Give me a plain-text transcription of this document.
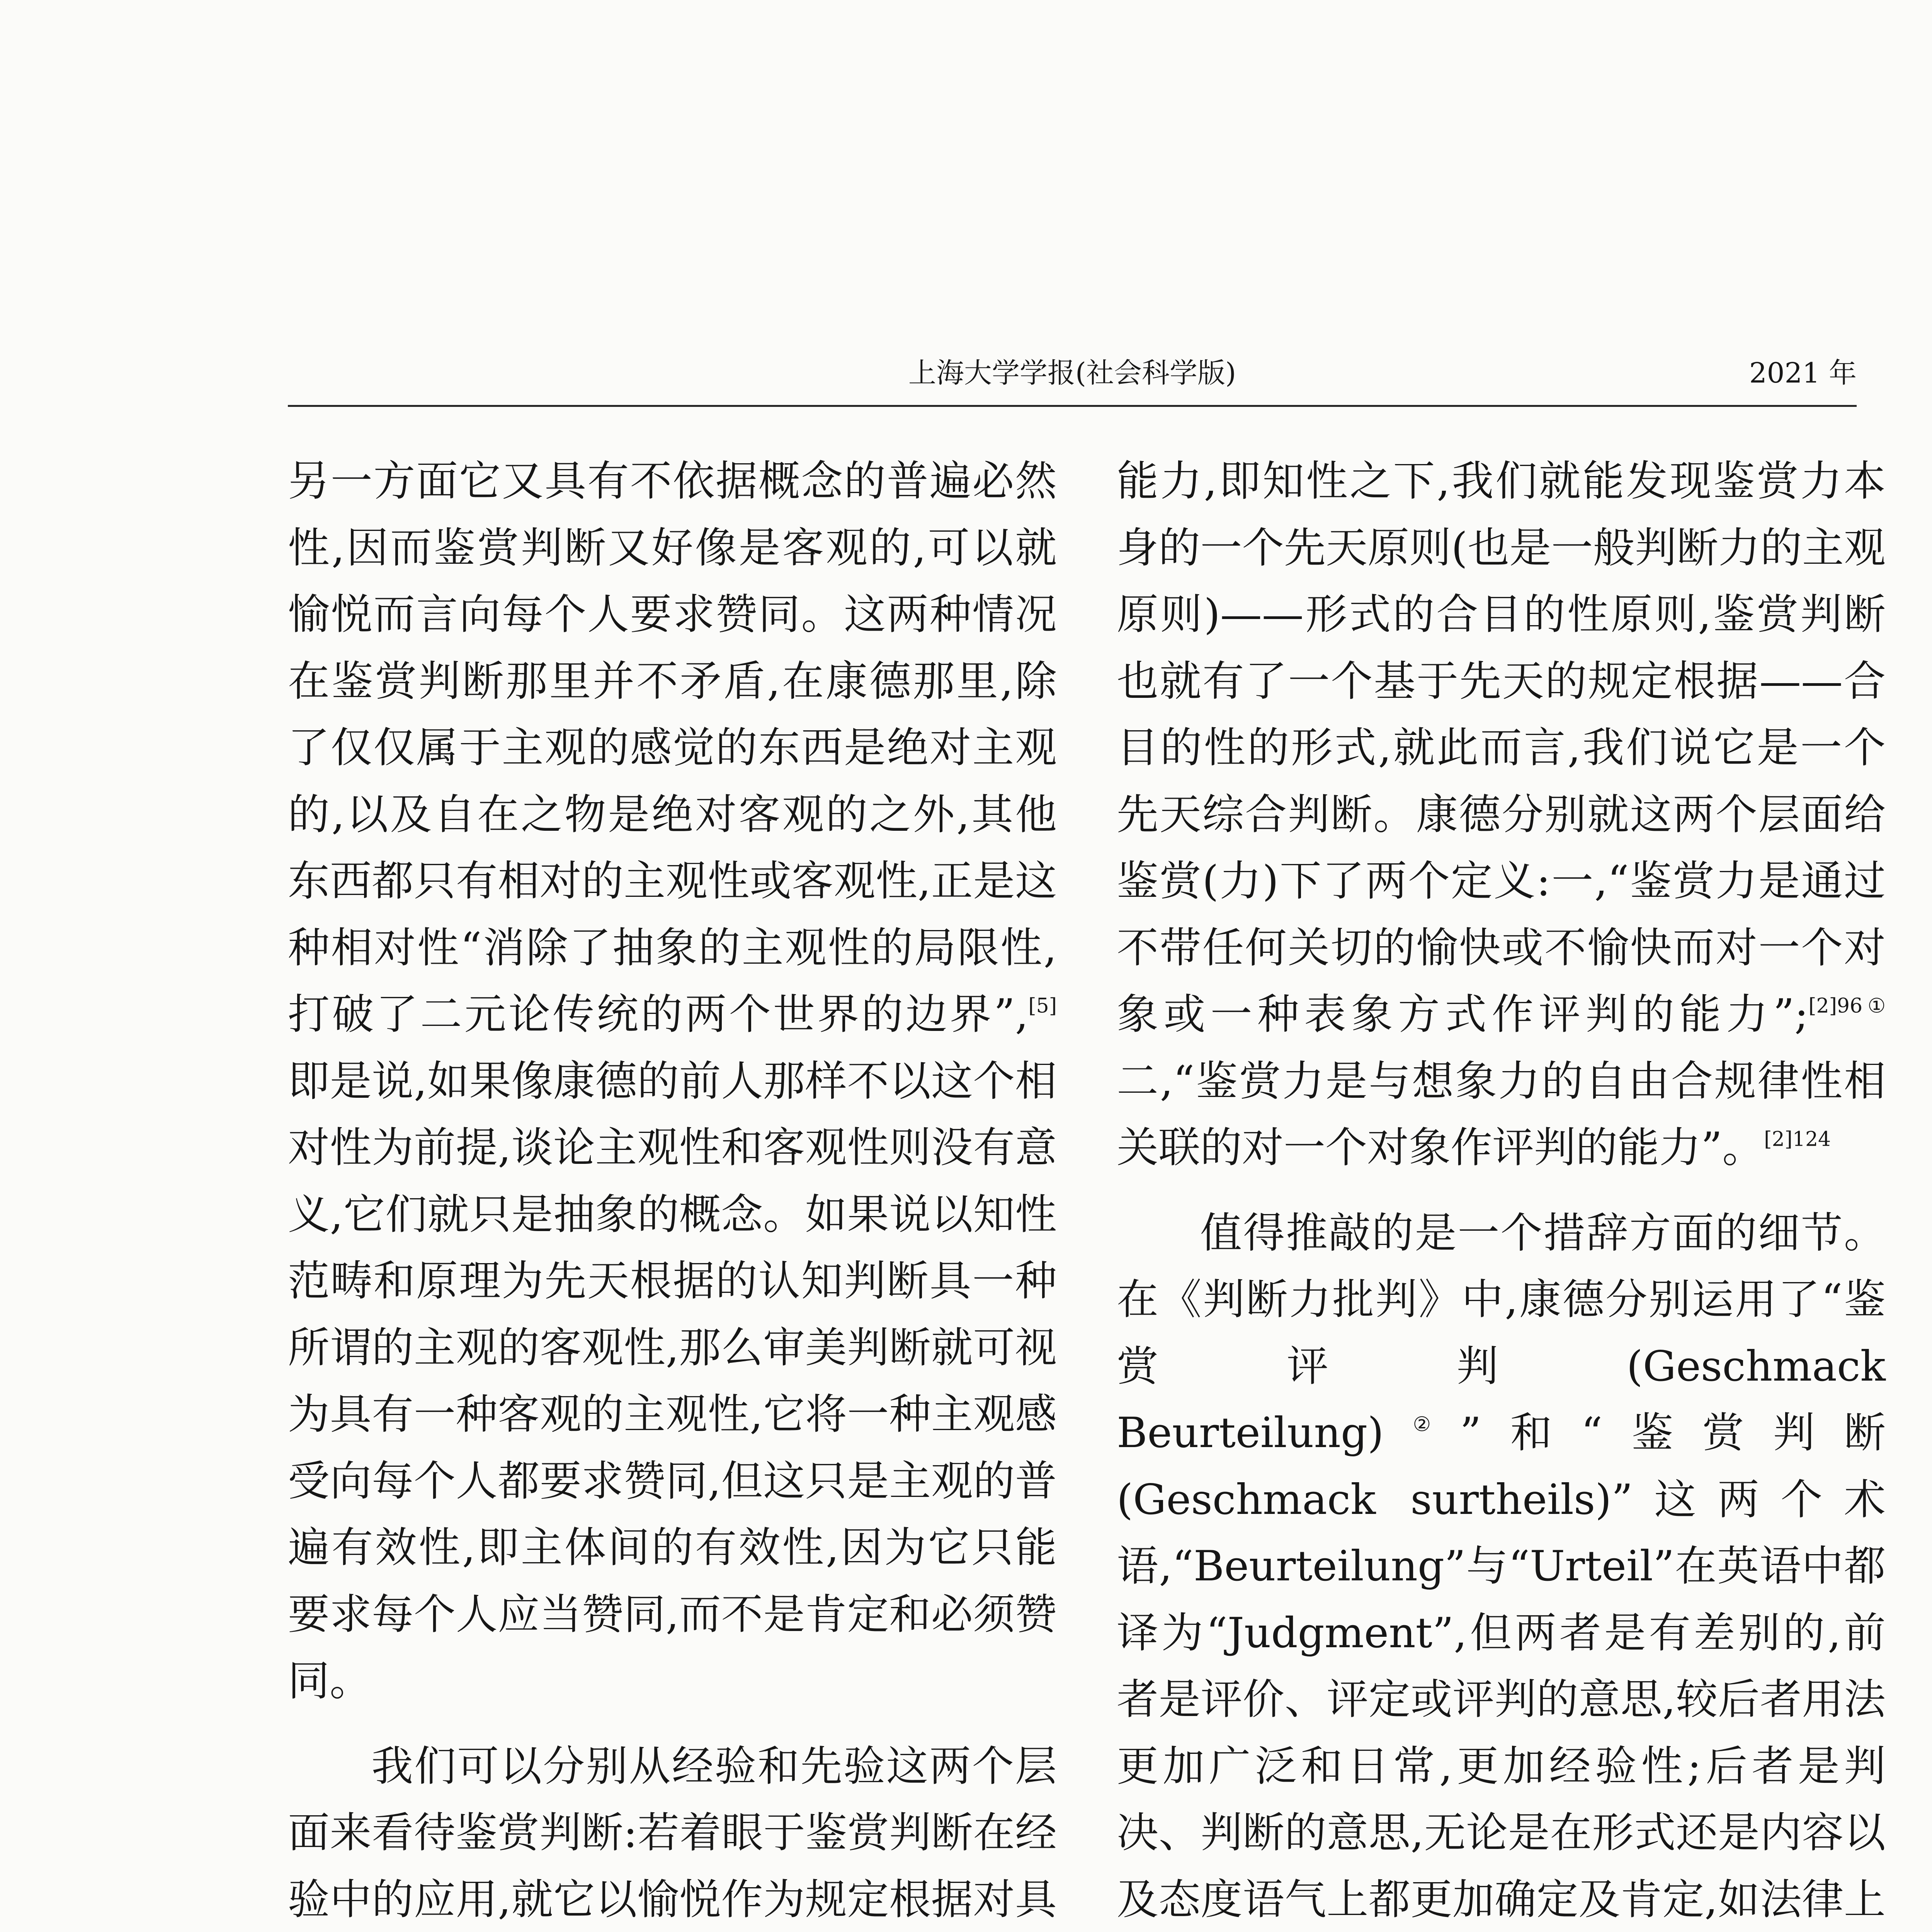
上海大学学报(社会科学版)	2021 年

另一方面它又具有不依据概念的普遍必然性,因而鉴赏判断又好像是客观的,可以就愉悦而言向每个人要求赞同。这两种情况在鉴赏判断那里并不矛盾,在康德那里,除了仅仅属于主观的感觉的东西是绝对主观的,以及自在之物是绝对客观的之外,其他东西都只有相对的主观性或客观性,正是这种相对性“消除了抽象的主观性的局限性,打破了二元论传统的两个世界的边界”,[5]即是说,如果像康德的前人那样不以这个相对性为前提,谈论主观性和客观性则没有意义,它们就只是抽象的概念。如果说以知性范畴和原理为先天根据的认知判断具一种所谓的主观的客观性,那么审美判断就可视为具有一种客观的主观性,它将一种主观感受向每个人都要求赞同,但这只是主观的普遍有效性,即主体间的有效性,因为它只能要求每个人应当赞同,而不是肯定和必须赞同。

我们可以分别从经验和先验这两个层面来看待鉴赏判断:若着眼于鉴赏判断在经验中的应用,就它以愉悦作为规定根据对具

能力,即知性之下,我们就能发现鉴赏力本身的一个先天原则(也是一般判断力的主观原则)——形式的合目的性原则,鉴赏判断也就有了一个基于先天的规定根据——合目的性的形式,就此而言,我们说它是一个先天综合判断。康德分别就这两个层面给鉴赏(力)下了两个定义:一,“鉴赏力是通过不带任何关切的愉快或不愉快而对一个对象或一种表象方式作评判的能力”;$^{[2]96①}$二,“鉴赏力是与想象力的自由合规律性相关联的对一个对象作评判的能力”。$^{[2]124}$

值得推敲的是一个措辞方面的细节。在《判断力批判》中,康德分别运用了“鉴赏评判(Geschmack Beurteilung)②”和“鉴赏判断(Geschmack surtheils)”这两个术语,“Beurteilung”与“Urteil”在英语中都译为“Judgment”,但两者是有差别的,前者是评价、评定或评判的意思,较后者用法更加广泛和日常,更加经验性;后者是判决、判断的意思,无论是在形式还是内容以及态度语气上都更加确定及肯定,如法律上
